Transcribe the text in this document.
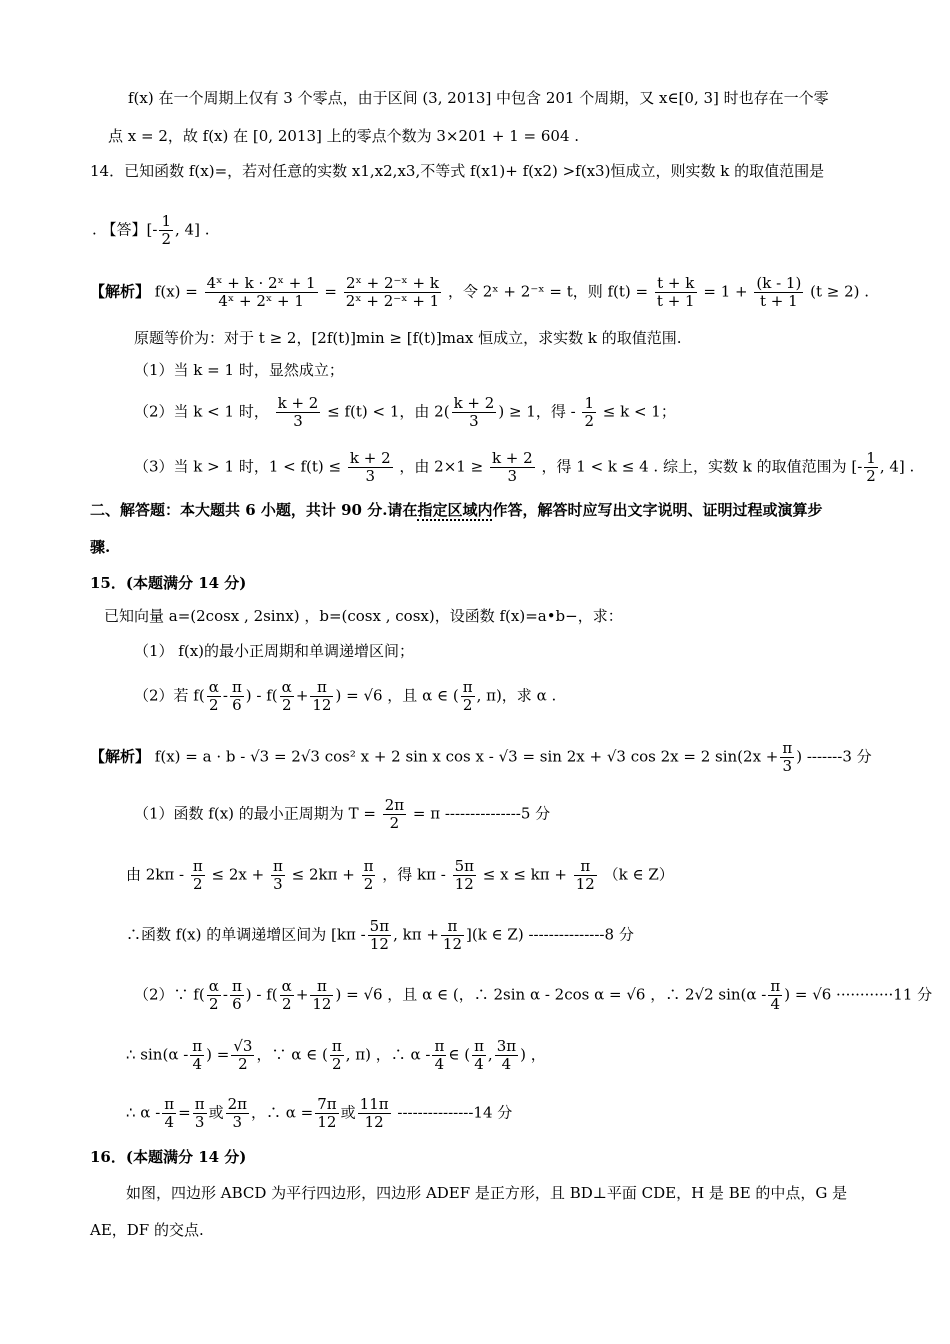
f(x) 在一个周期上仅有 3 个零点，由于区间 (3, 2013] 中包含 201 个周期，又 x∈[0, 3] 时也存在一个零
点 x = 2，故 f(x) 在 [0, 2013] 上的零点个数为 3×201 + 1 = 604 .
14．已知函数 f(x)=，若对任意的实数 x1,x2,x3,不等式 f(x1)+ f(x2) >f(x3)恒成立，则实数 k 的取值范围是
. 【答】[- $\frac{1}{2}$ , 4] .
【解析】 $f(x) = \frac{\text{4ˣ + k · 2ˣ + 1}}{\text{4ˣ + 2ˣ + 1}} = \frac{\text{2ˣ + 2⁻ˣ + k}}{\text{2ˣ + 2⁻ˣ + 1}}$ ，令 2ˣ + 2⁻ˣ = t，则 $f(t) = \frac{t + k}{t + 1} = 1 + \frac{(k - 1)}{t + 1} (t \ge 2)$ .
原题等价为：对于 t ≥ 2，[2f(t)]min ≥ [f(t)]max 恒成立，求实数 k 的取值范围.
（1）当 k = 1 时，显然成立；
（2）当 k < 1 时， $\frac{k + 2}{3} \le f(t) < 1$，由 $2( \frac{k + 2}{3}$ ) ≥ 1，得 - $\frac{1}{2} \le k < 1$；
（3）当 k > 1 时，$1 < f(t) \le \frac{k + 2}{3}$ ，由 $2\times 1 \ge \frac{k + 2}{3}$ ，得 1 < k ≤ 4 . 综上，实数 k 的取值范围为 [- $\frac{1}{2}$ , 4] .
二、解答题：本大题共 6 小题，共计 90 分.请在指定区域内作答，解答时应写出文字说明、证明过程或演算步
骤.
15．(本题满分 14 分)
已知向量 a=(2cosx , 2sinx) ，b=(cosx , cosx)，设函数 f(x)=a•b−，求：
（1） f(x)的最小正周期和单调递增区间；
（2）若 $f( \frac{\alpha}{2} - \frac{\pi}{6}$ ) - $f( \frac{\alpha}{2} + \frac{\pi}{12}$ ) = √6 ，且 α ∈ ( $\frac{\pi}{2}$ , π)，求 α .
【解析】 f(x) = a · b - √3 = 2√3 cos² x + 2 sin x cos x - √3 = sin 2x + √3 cos 2x = 2 $\sin(2x + \frac{\pi}{3}$ ) -------3 分
（1）函数 f(x) 的最小正周期为 $T = \frac{2\pi}{2} = \pi$ ---------------5 分
由 $2k\pi - \frac{\pi}{2} \le 2x + \frac{\pi}{3} \le 2k\pi + \frac{\pi}{2}$ ，得 $k\pi - \frac{5\pi}{12} \le x \le k\pi + \frac{\pi}{12} (k$ ∈ Z）
∴函数 f(x) 的单调递增区间为 [$k\pi - \frac{5\pi}{12}$ , $k\pi + \frac{\pi}{12} ](k$ ∈ Z) ---------------8 分
（2）∵ $f( \frac{\alpha}{2} - \frac{\pi}{6}$ ) - $f( \frac{\alpha}{2} + \frac{\pi}{12}$ ) = √6 ，且 α ∈ (，∴ 2sin α - 2cos α = √6 ，∴ 2√2 $\sin(\alpha - \frac{\pi}{4}$ ) = √6 ············11 分
∴ $\sin(\alpha - \frac{\pi}{4}$ ) = $\frac{√3}{2}$ ，∵ α ∈ ( $\frac{\pi}{2}$ , π) ，∴ α - $\frac{\pi}{4}$ ∈ ( $\frac{\pi}{4}$ , $\frac{3\pi}{4}$ ) ，
∴ $\alpha - \frac{\pi}{4} = \frac{\pi}{3}$ 或 $\frac{2\pi}{3}$ ，∴ $\alpha = \frac{7\pi}{12}$ 或 $\frac{11\pi}{12} ---------------14$ 分
16．(本题满分 14 分)
如图，四边形 ABCD 为平行四边形，四边形 ADEF 是正方形，且 BD⊥平面 CDE，H 是 BE 的中点，G 是
AE，DF 的交点.
